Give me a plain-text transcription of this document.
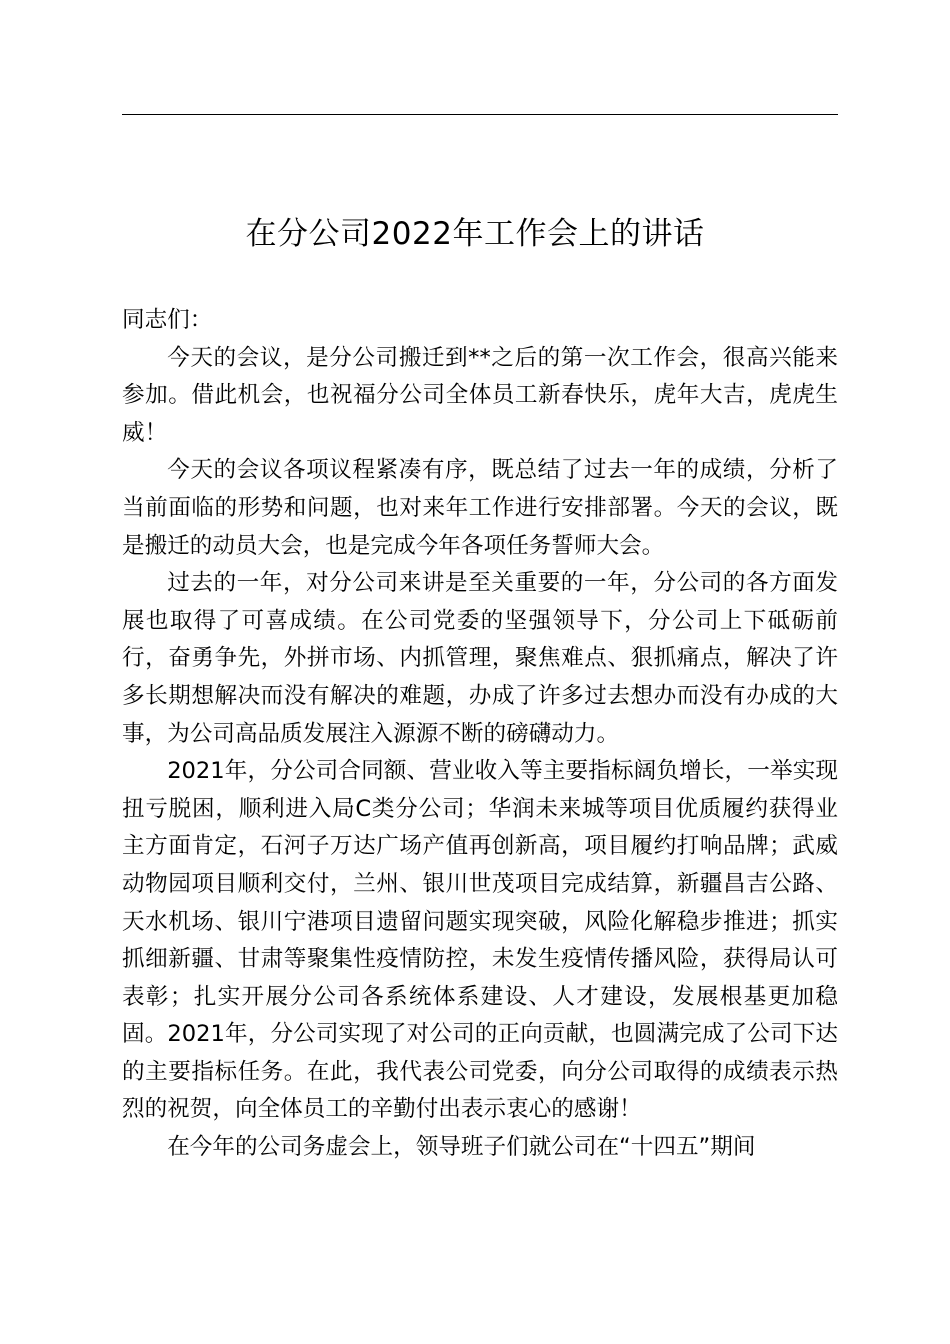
在分公司2022年工作会上的讲话

同志们：

今天的会议，是分公司搬迁到**之后的第一次工作会，很高兴能来参加。借此机会，也祝福分公司全体员工新春快乐，虎年大吉，虎虎生威！

今天的会议各项议程紧凑有序，既总结了过去一年的成绩，分析了当前面临的形势和问题，也对来年工作进行安排部署。今天的会议，既是搬迁的动员大会，也是完成今年各项任务誓师大会。

过去的一年，对分公司来讲是至关重要的一年，分公司的各方面发展也取得了可喜成绩。在公司党委的坚强领导下，分公司上下砥砺前行，奋勇争先，外拼市场、内抓管理，聚焦难点、狠抓痛点，解决了许多长期想解决而没有解决的难题，办成了许多过去想办而没有办成的大事，为公司高品质发展注入源源不断的磅礴动力。

2021年，分公司合同额、营业收入等主要指标阔负增长，一举实现扭亏脱困，顺利进入局C类分公司；华润未来城等项目优质履约获得业主方面肯定，石河子万达广场产值再创新高，项目履约打响品牌；武威动物园项目顺利交付，兰州、银川世茂项目完成结算，新疆昌吉公路、天水机场、银川宁港项目遗留问题实现突破，风险化解稳步推进；抓实抓细新疆、甘肃等聚集性疫情防控，未发生疫情传播风险，获得局认可表彰；扎实开展分公司各系统体系建设、人才建设，发展根基更加稳固。2021年，分公司实现了对公司的正向贡献，也圆满完成了公司下达的主要指标任务。在此，我代表公司党委，向分公司取得的成绩表示热烈的祝贺，向全体员工的辛勤付出表示衷心的感谢！

在今年的公司务虚会上，领导班子们就公司在“十四五”期间
